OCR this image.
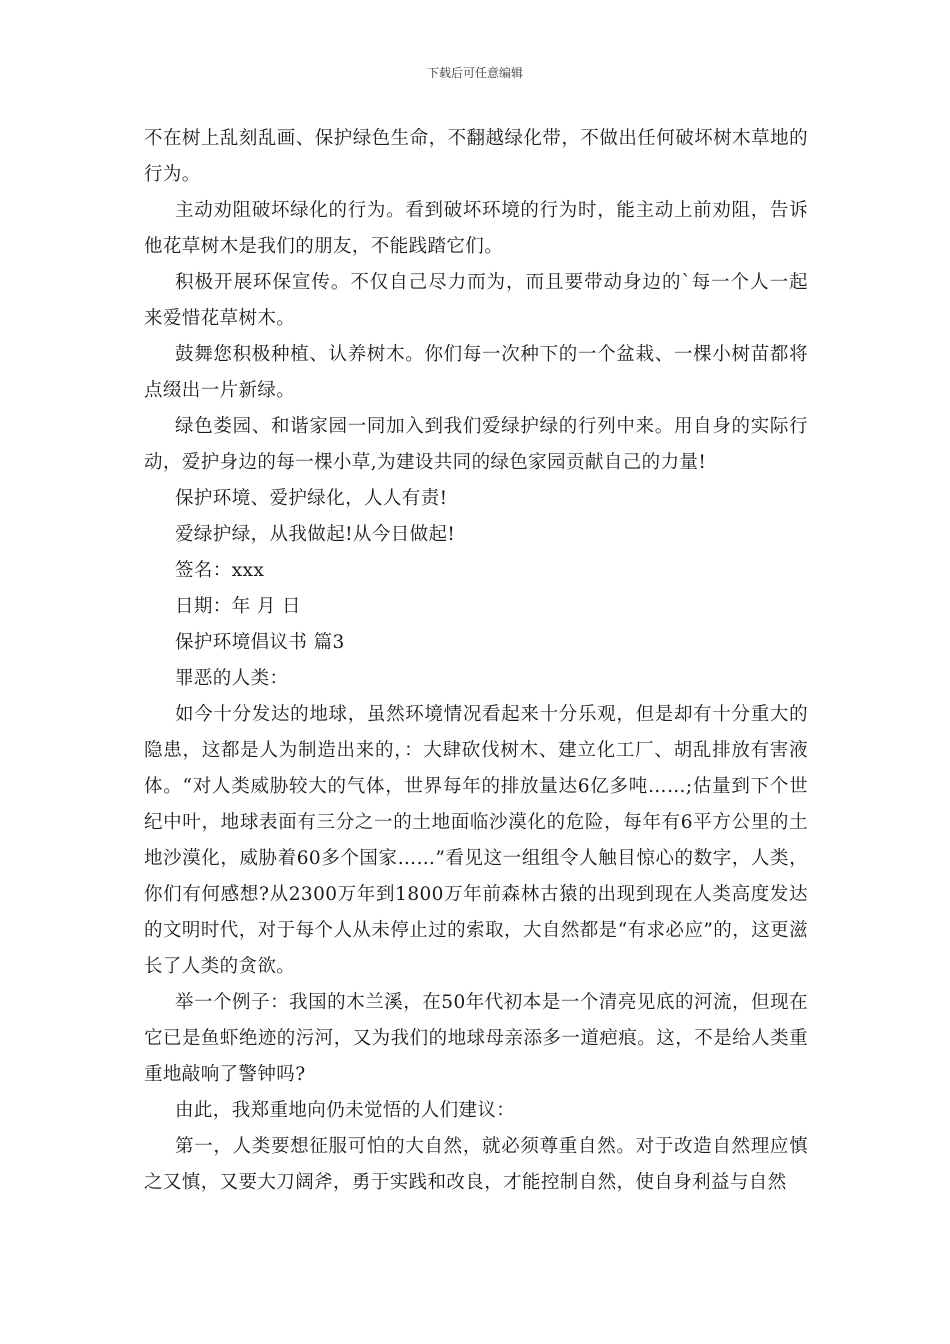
下载后可任意编辑

不在树上乱刻乱画、保护绿色生命，不翻越绿化带，不做出任何破坏树木草地的行为。

主动劝阻破坏绿化的行为。看到破坏环境的行为时，能主动上前劝阻，告诉他花草树木是我们的朋友，不能践踏它们。

积极开展环保宣传。不仅自己尽力而为，而且要带动身边的`每一个人一起来爱惜花草树木。

鼓舞您积极种植、认养树木。你们每一次种下的一个盆栽、一棵小树苗都将点缀出一片新绿。

绿色娄园、和谐家园一同加入到我们爱绿护绿的行列中来。用自身的实际行动，爱护身边的每一棵小草,为建设共同的绿色家园贡献自己的力量!

保护环境、爱护绿化，人人有责!

爱绿护绿，从我做起!从今日做起!

签名：xxx

日期：年 月 日

保护环境倡议书 篇3

罪恶的人类：

如今十分发达的地球，虽然环境情况看起来十分乐观，但是却有十分重大的隐患，这都是人为制造出来的，：大肆砍伐树木、建立化工厂、胡乱排放有害液体。“对人类威胁较大的气体，世界每年的排放量达6亿多吨……;估量到下个世纪中叶，地球表面有三分之一的土地面临沙漠化的危险，每年有6平方公里的土地沙漠化，威胁着60多个国家……”看见这一组组令人触目惊心的数字，人类，你们有何感想?从2300万年到1800万年前森林古猿的出现到现在人类高度发达的文明时代，对于每个人从未停止过的索取，大自然都是“有求必应”的，这更滋长了人类的贪欲。

举一个例子：我国的木兰溪，在50年代初本是一个清亮见底的河流，但现在它已是鱼虾绝迹的污河，又为我们的地球母亲添多一道疤痕。这，不是给人类重重地敲响了警钟吗?

由此，我郑重地向仍未觉悟的人们建议：

第一，人类要想征服可怕的大自然，就必须尊重自然。对于改造自然理应慎之又慎，又要大刀阔斧，勇于实践和改良，才能控制自然，使自身利益与自然
